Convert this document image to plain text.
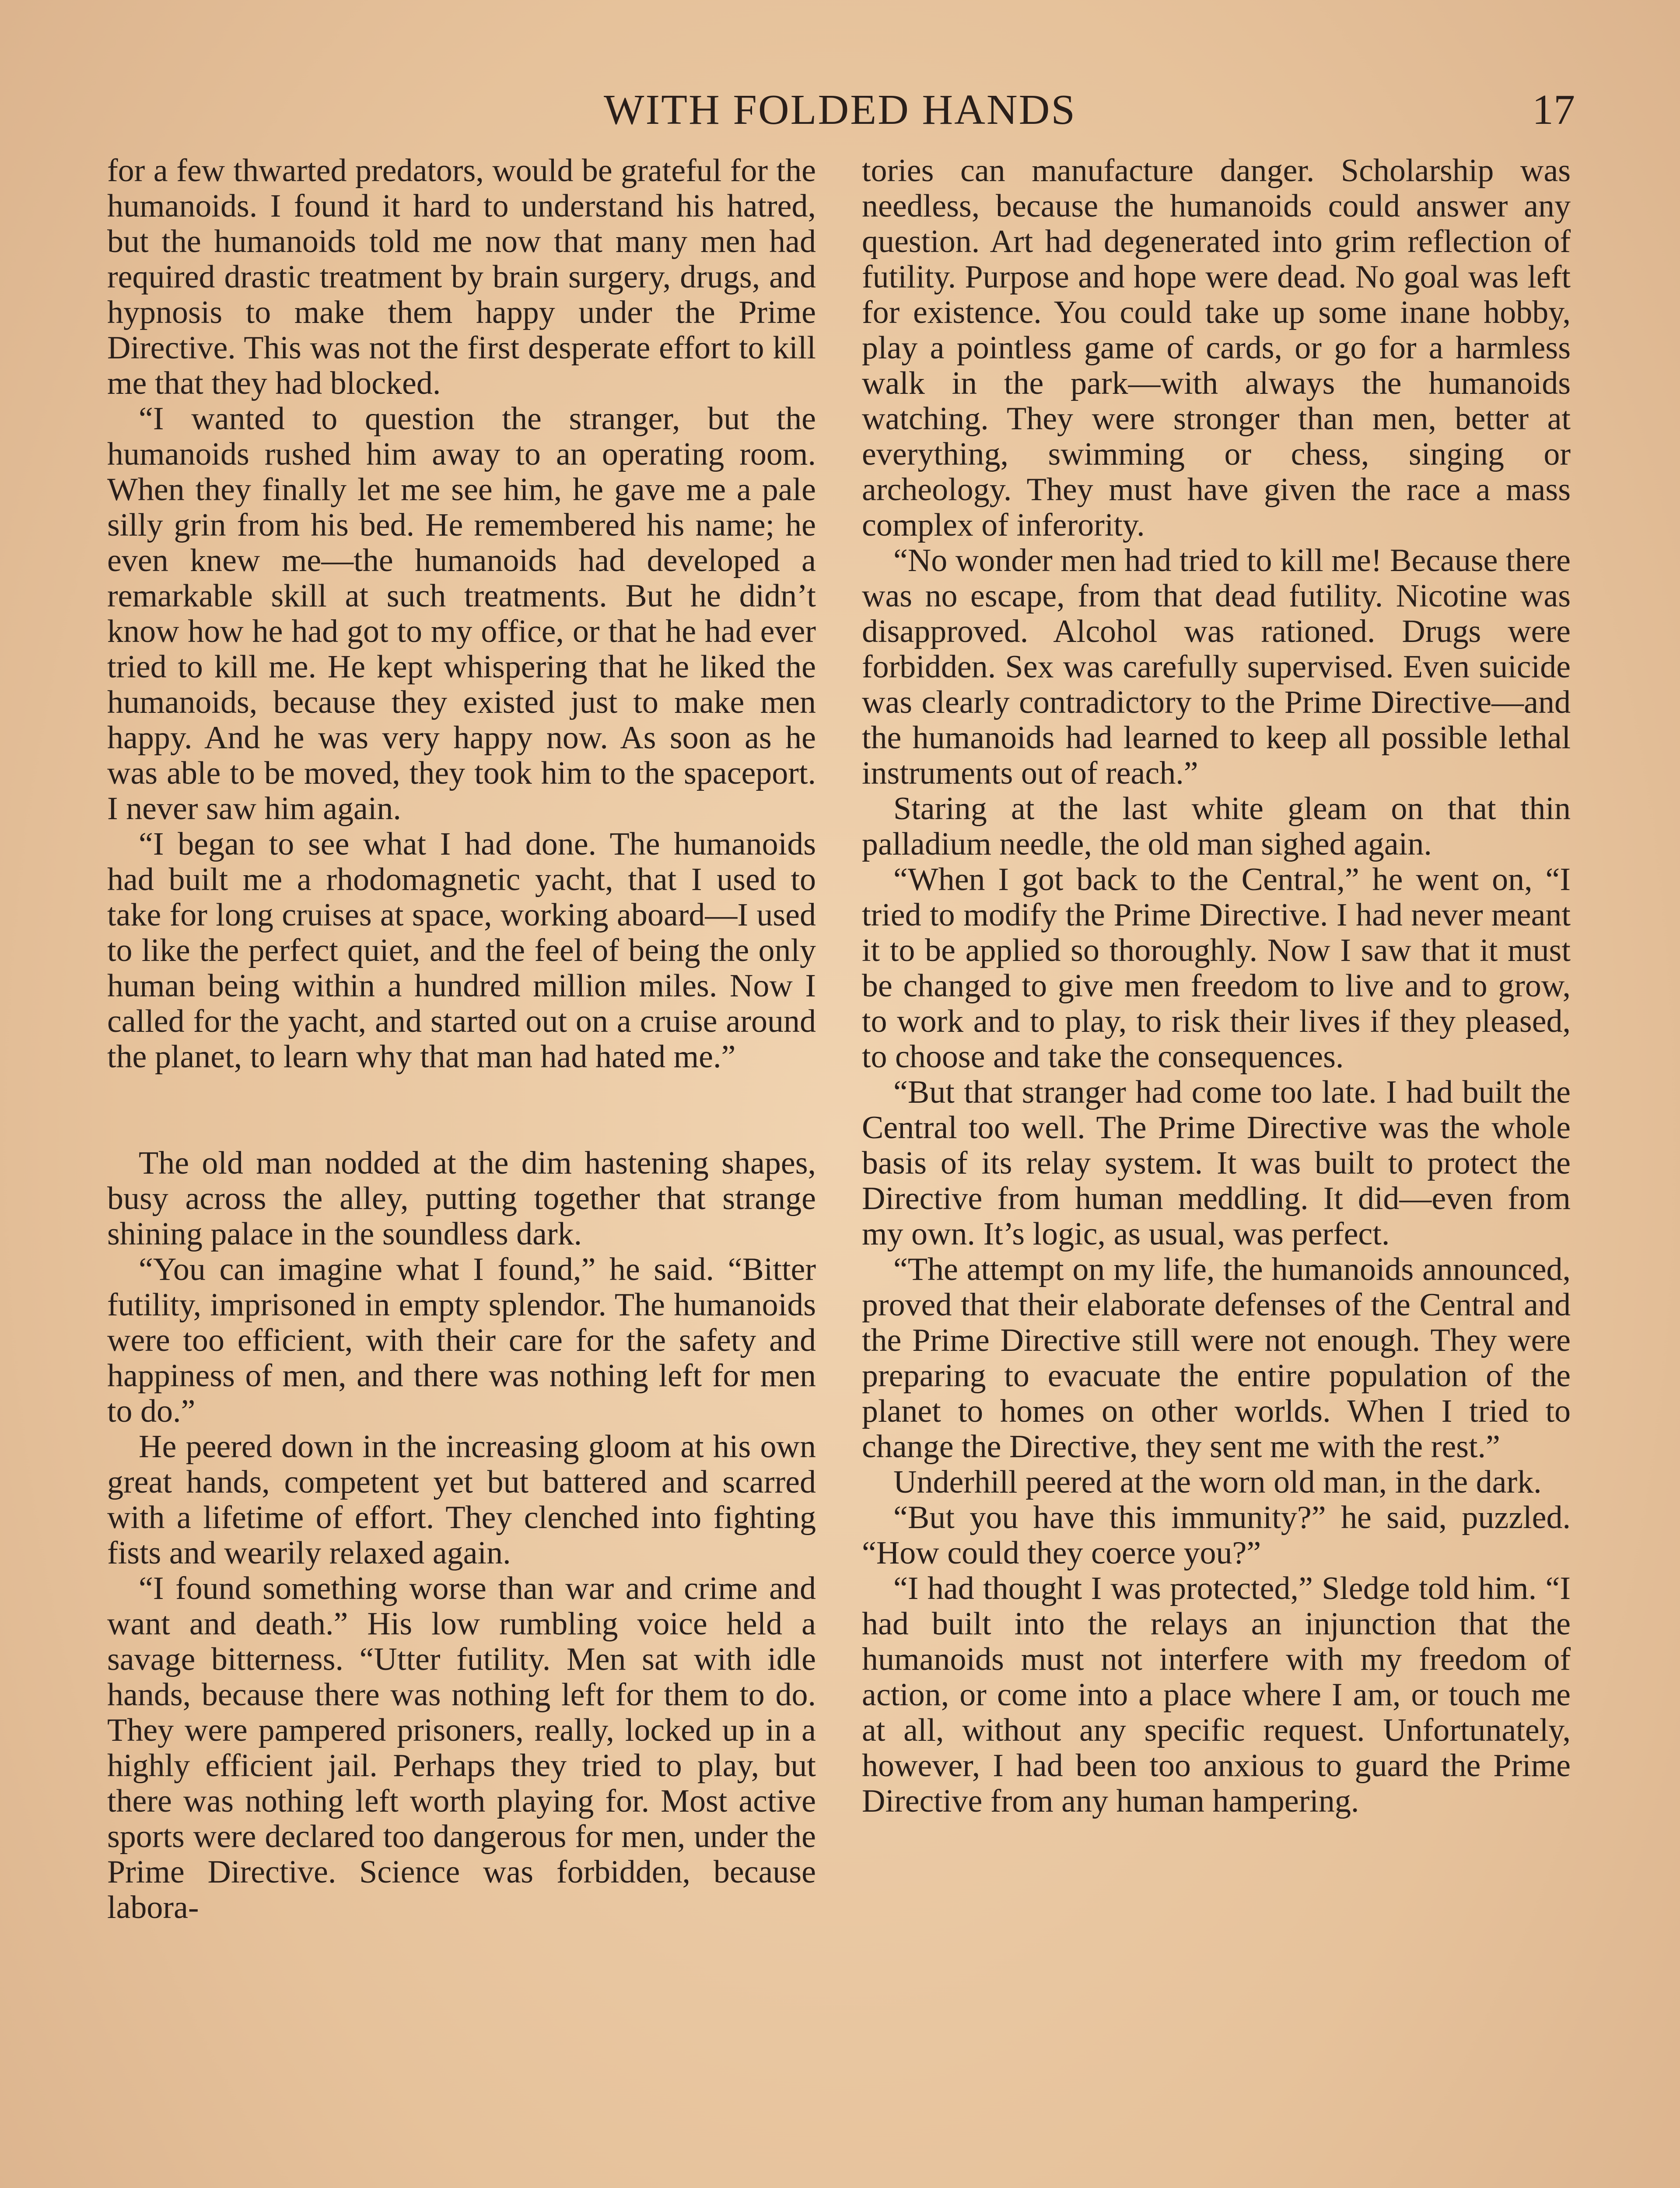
WITH FOLDED HANDS	17

for a few thwarted predators, would be grateful for the humanoids. I found it hard to understand his hatred, but the humanoids told me now that many men had required drastic treatment by brain surgery, drugs, and hypnosis to make them happy under the Prime Directive. This was not the first desperate effort to kill me that they had blocked.

“I wanted to question the stranger, but the humanoids rushed him away to an operating room. When they finally let me see him, he gave me a pale silly grin from his bed. He remembered his name; he even knew me—the humanoids had developed a remarkable skill at such treatments. But he didn’t know how he had got to my office, or that he had ever tried to kill me. He kept whispering that he liked the humanoids, because they existed just to make men happy. And he was very happy now. As soon as he was able to be moved, they took him to the spaceport. I never saw him again.

“I began to see what I had done. The humanoids had built me a rhodomagnetic yacht, that I used to take for long cruises at space, working aboard—I used to like the perfect quiet, and the feel of being the only human being within a hundred million miles. Now I called for the yacht, and started out on a cruise around the planet, to learn why that man had hated me.”

The old man nodded at the dim hastening shapes, busy across the alley, putting together that strange shining palace in the soundless dark.

“You can imagine what I found,” he said. “Bitter futility, imprisoned in empty splendor. The humanoids were too efficient, with their care for the safety and happiness of men, and there was nothing left for men to do.”

He peered down in the increasing gloom at his own great hands, competent yet but battered and scarred with a lifetime of effort. They clenched into fighting fists and wearily relaxed again.

“I found something worse than war and crime and want and death.” His low rumbling voice held a savage bitterness. “Utter futility. Men sat with idle hands, because there was nothing left for them to do. They were pampered prisoners, really, locked up in a highly efficient jail. Perhaps they tried to play, but there was nothing left worth playing for. Most active sports were declared too dangerous for men, under the Prime Directive. Science was forbidden, because labora-

tories can manufacture danger. Scholarship was needless, because the humanoids could answer any question. Art had degenerated into grim reflection of futility. Purpose and hope were dead. No goal was left for existence. You could take up some inane hobby, play a pointless game of cards, or go for a harmless walk in the park—with always the humanoids watching. They were stronger than men, better at everything, swimming or chess, singing or archeology. They must have given the race a mass complex of inferority.

“No wonder men had tried to kill me! Because there was no escape, from that dead futility. Nicotine was disapproved. Alcohol was rationed. Drugs were forbidden. Sex was carefully supervised. Even suicide was clearly contradictory to the Prime Directive—and the humanoids had learned to keep all possible lethal instruments out of reach.”

Staring at the last white gleam on that thin palladium needle, the old man sighed again.

“When I got back to the Central,” he went on, “I tried to modify the Prime Directive. I had never meant it to be applied so thoroughly. Now I saw that it must be changed to give men freedom to live and to grow, to work and to play, to risk their lives if they pleased, to choose and take the consequences.

“But that stranger had come too late. I had built the Central too well. The Prime Directive was the whole basis of its relay system. It was built to protect the Directive from human meddling. It did—even from my own. It’s logic, as usual, was perfect.

“The attempt on my life, the humanoids announced, proved that their elaborate defenses of the Central and the Prime Directive still were not enough. They were preparing to evacuate the entire population of the planet to homes on other worlds. When I tried to change the Directive, they sent me with the rest.”

Underhill peered at the worn old man, in the dark.

“But you have this immunity?” he said, puzzled. “How could they coerce you?”

“I had thought I was protected,” Sledge told him. “I had built into the relays an injunction that the humanoids must not interfere with my freedom of action, or come into a place where I am, or touch me at all, without any specific request. Unfortunately, however, I had been too anxious to guard the Prime Directive from any human hampering.
